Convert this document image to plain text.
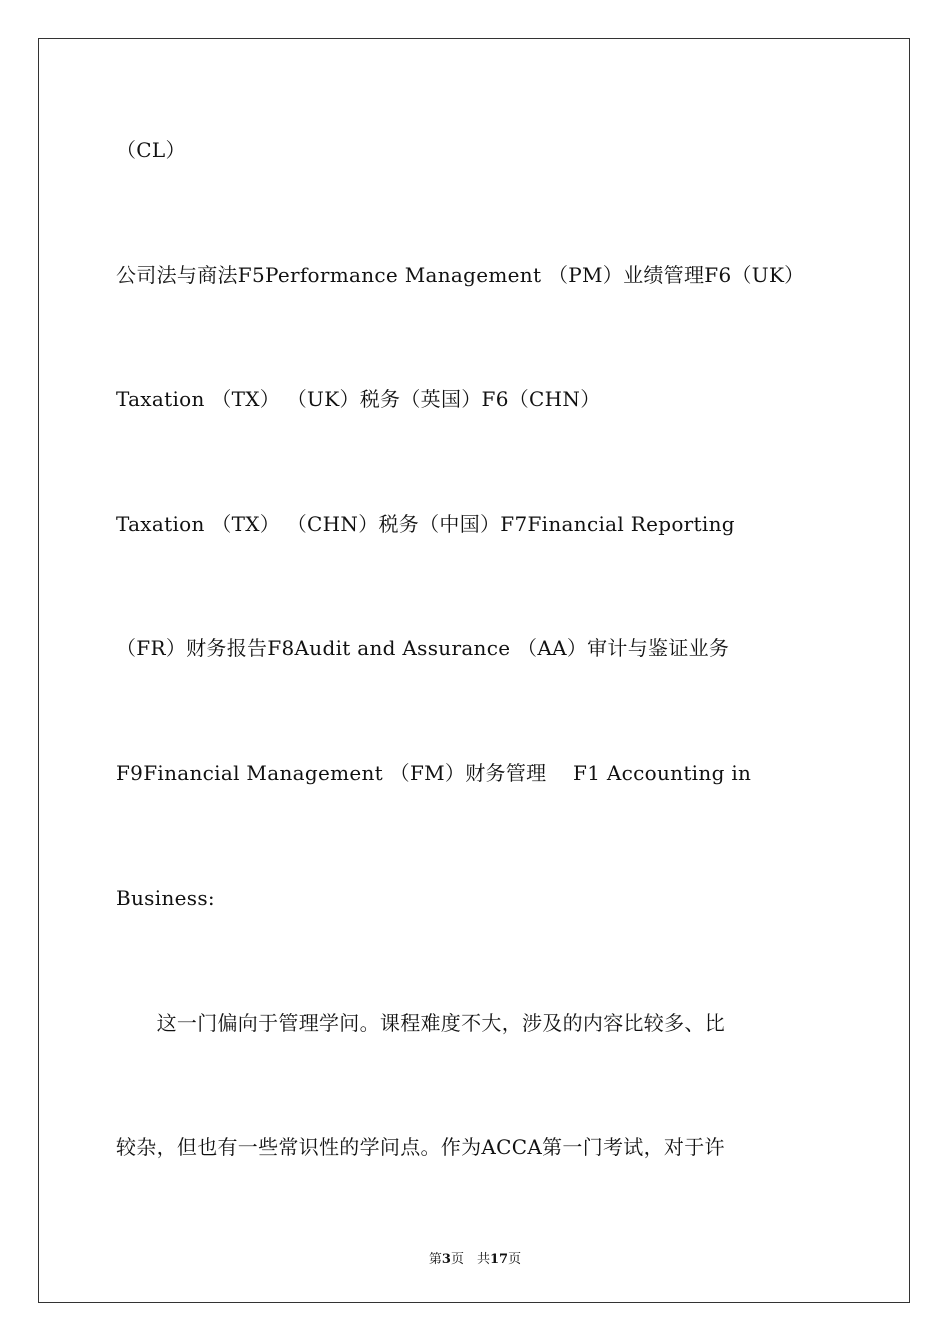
（CL）
公司法与商法F5Performance Management （PM）业绩管理F6（UK）
Taxation （TX） （UK）税务（英国）F6（CHN）
Taxation （TX） （CHN）税务（中国）F7Financial Reporting
（FR）财务报告F8Audit and Assurance （AA）审计与鉴证业务
F9Financial Management （FM）财务管理    F1 Accounting in
Business:
　　这一门偏向于管理学问。课程难度不大，涉及的内容比较多、比
较杂，但也有一些常识性的学问点。作为ACCA第一门考试，对于许
第3页　共17页
